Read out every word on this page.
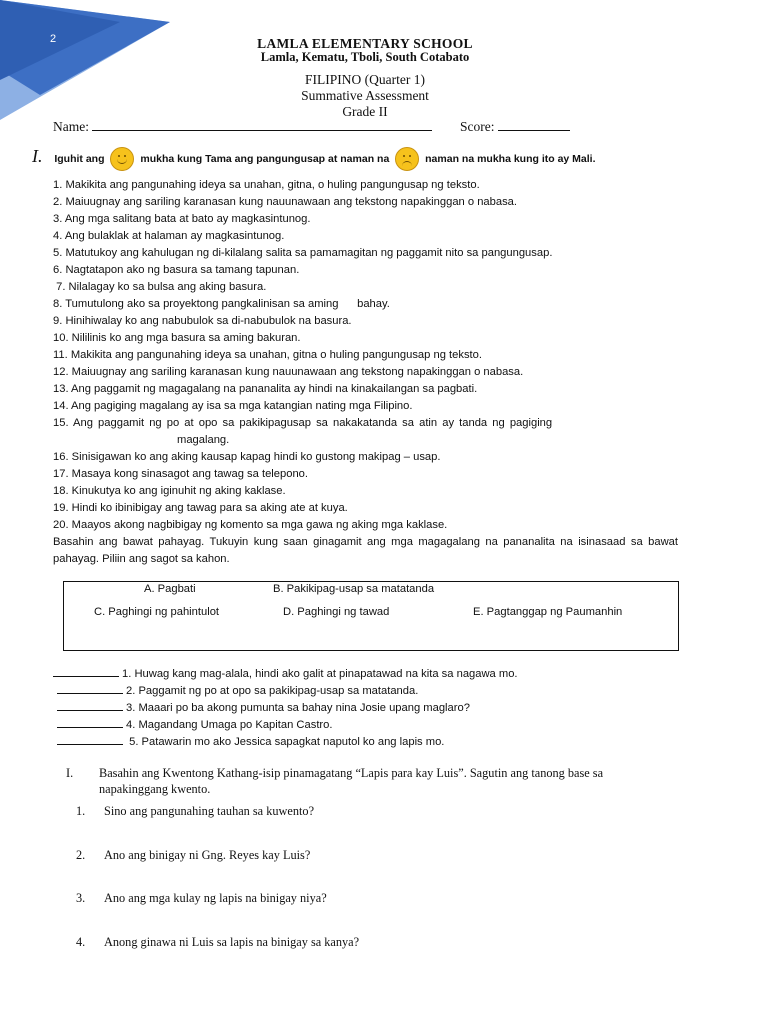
2	LAMLA ELEMENTARY SCHOOL
Lamla, Kematu, Tboli, South Cotabato
FILIPINO (Quarter 1)
Summative Assessment
Grade II
Name:	Score:
I. Iguhit ang	mukha kung Tama ang pangungusap at naman na	naman na mukha kung ito ay Mali.
1. Makikita ang pangunahing ideya sa unahan, gitna, o huling pangungusap ng teksto.
2. Maiuugnay ang sariling karanasan kung nauunawaan ang tekstong napakinggan o nabasa.
3. Ang mga salitang bata at bato ay magkasintunog.
4. Ang bulaklak at halaman ay magkasintunog.
5. Matutukoy ang kahulugan ng di-kilalang salita sa pamamagitan ng paggamit nito sa pangungusap.
6. Nagtatapon ako ng basura sa tamang tapunan.
7. Nilalagay ko sa bulsa ang aking basura.
8. Tumutulong ako sa proyektong pangkalinisan sa aming      bahay.
9. Hinihiwalay ko ang nabubulok sa di-nabubulok na basura.
10. Nililinis ko ang mga basura sa aming bakuran.
11. Makikita ang pangunahing ideya sa unahan, gitna o huling pangungusap ng teksto.
12. Maiuugnay ang sariling karanasan kung nauunawaan ang tekstong napakinggan o nabasa.
13. Ang paggamit ng magagalang na pananalita ay hindi na kinakailangan sa pagbati.
14. Ang pagiging magalang ay isa sa mga katangian nating mga Filipino.
15. Ang paggamit ng po at opo sa pakikipagusap sa nakakatanda sa atin ay tanda ng pagiging
magalang.
16. Sinisigawan ko ang aking kausap kapag hindi ko gustong makipag – usap.
17. Masaya kong sinasagot ang tawag sa telepono.
18. Kinukutya ko ang iginuhit ng aking kaklase.
19. Hindi ko ibinibigay ang tawag para sa aking ate at kuya.
20. Maayos akong nagbibigay ng komento sa mga gawa ng aking mga kaklase.
Basahin ang bawat pahayag. Tukuyin kung saan ginagamit ang mga magagalang na pananalita na isinasaad sa bawat pahayag. Piliin ang sagot sa kahon.
A. Pagbati	B. Pakikipag-usap sa matatanda
C. Paghingi ng pahintulot	D. Paghingi ng tawad	E. Pagtanggap ng Paumanhin
1. Huwag kang mag-alala, hindi ako galit at pinapatawad na kita sa nagawa mo.
2. Paggamit ng po at opo sa pakikipag-usap sa matatanda.
3. Maaari po ba akong pumunta sa bahay nina Josie upang maglaro?
4. Magandang Umaga po Kapitan Castro.
5. Patawarin mo ako Jessica sapagkat naputol ko ang lapis mo.
I. Basahin ang Kwentong Kathang-isip pinamagatang “Lapis para kay Luis”. Sagutin ang tanong base sa napakinggang kwento.
1. Sino ang pangunahing tauhan sa kuwento?
2. Ano ang binigay ni Gng. Reyes kay Luis?
3. Ano ang mga kulay ng lapis na binigay niya?
4. Anong ginawa ni Luis sa lapis na binigay sa kanya?
